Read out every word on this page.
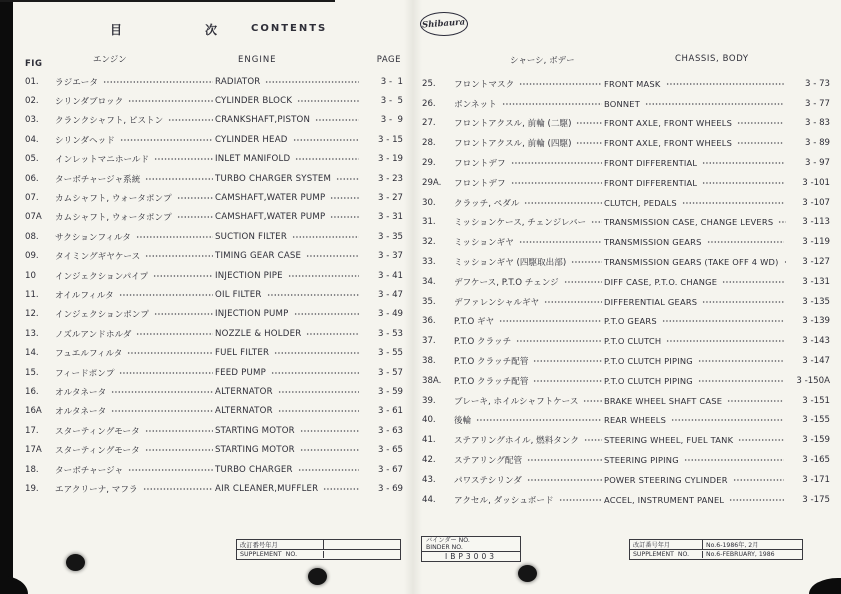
目	次	CONTENTS
FIG	エンジン	ENGINE	PAGE
01.	ラジエータ	RADIATOR	3 -  1
02.	シリンダブロック	CYLINDER BLOCK	3 -  5
03.	クランクシャフト, ピストン	CRANKSHAFT,PISTON	3 -  9
04.	シリンダヘッド	CYLINDER HEAD	3 - 15
05.	インレットマニホールド	INLET MANIFOLD	3 - 19
06.	ターボチャージャ系統	TURBO CHARGER SYSTEM	3 - 23
07.	カムシャフト, ウォータポンプ	CAMSHAFT,WATER PUMP	3 - 27
07A	カムシャフト, ウォータポンプ	CAMSHAFT,WATER PUMP	3 - 31
08.	サクションフィルタ	SUCTION FILTER	3 - 35
09.	タイミングギヤケース	TIMING GEAR CASE	3 - 37
10	インジェクションパイプ	INJECTION PIPE	3 - 41
11.	オイルフィルタ	OIL FILTER	3 - 47
12.	インジェクションポンプ	INJECTION PUMP	3 - 49
13.	ノズルアンドホルダ	NOZZLE & HOLDER	3 - 53
14.	フュエルフィルタ	FUEL FILTER	3 - 55
15.	フィードポンプ	FEED PUMP	3 - 57
16.	オルタネータ	ALTERNATOR	3 - 59
16A	オルタネータ	ALTERNATOR	3 - 61
17.	スターティングモータ	STARTING MOTOR	3 - 63
17A	スターティングモータ	STARTING MOTOR	3 - 65
18.	ターボチャージャ	TURBO CHARGER	3 - 67
19.	エアクリーナ, マフラ	AIR CLEANER,MUFFLER	3 - 69
Shibaura
シャーシ, ボデー	CHASSIS, BODY
25.	フロントマスク	FRONT MASK	3 - 73
26.	ボンネット	BONNET	3 - 77
27.	フロントアクスル, 前輪 (二駆)	FRONT AXLE, FRONT WHEELS	3 - 83
28.	フロントアクスル, 前輪 (四駆)	FRONT AXLE, FRONT WHEELS	3 - 89
29.	フロントデフ	FRONT DIFFERENTIAL	3 - 97
29A.	フロントデフ	FRONT DIFFERENTIAL	3 -101
30.	クラッチ, ペダル	CLUTCH, PEDALS	3 -107
31.	ミッションケース, チェンジレバー	TRANSMISSION CASE, CHANGE LEVERS	3 -113
32.	ミッションギヤ	TRANSMISSION GEARS	3 -119
33.	ミッションギヤ (四駆取出部)	TRANSMISSION GEARS (TAKE OFF 4 WD)	3 -127
34.	デフケース, P.T.O チェンジ	DIFF CASE, P.T.O. CHANGE	3 -131
35.	デファレンシャルギヤ	DIFFERENTIAL GEARS	3 -135
36.	P.T.O ギヤ	P.T.O GEARS	3 -139
37.	P.T.O クラッチ	P.T.O CLUTCH	3 -143
38.	P.T.O クラッチ配管	P.T.O CLUTCH PIPING	3 -147
38A.	P.T.O クラッチ配管	P.T.O CLUTCH PIPING	3 -150A
39.	ブレーキ, ホイルシャフトケース	BRAKE WHEEL SHAFT CASE	3 -151
40.	後輪	REAR WHEELS	3 -155
41.	ステアリングホイル, 燃料タンク	STEERING WHEEL, FUEL TANK	3 -159
42.	ステアリング配管	STEERING PIPING	3 -165
43.	パワステシリンダ	POWER STEERING CYLINDER	3 -171
44.	アクセル, ダッシュボード	ACCEL, INSTRUMENT PANEL	3 -175
改訂番号年月
SUPPLEMENT  NO.
バインダー NO.
BINDER NO.
IBP3003
改訂番号年月	No.6-1986年, 2月
SUPPLEMENT  NO.	No.6-FEBRUARY, 1986
